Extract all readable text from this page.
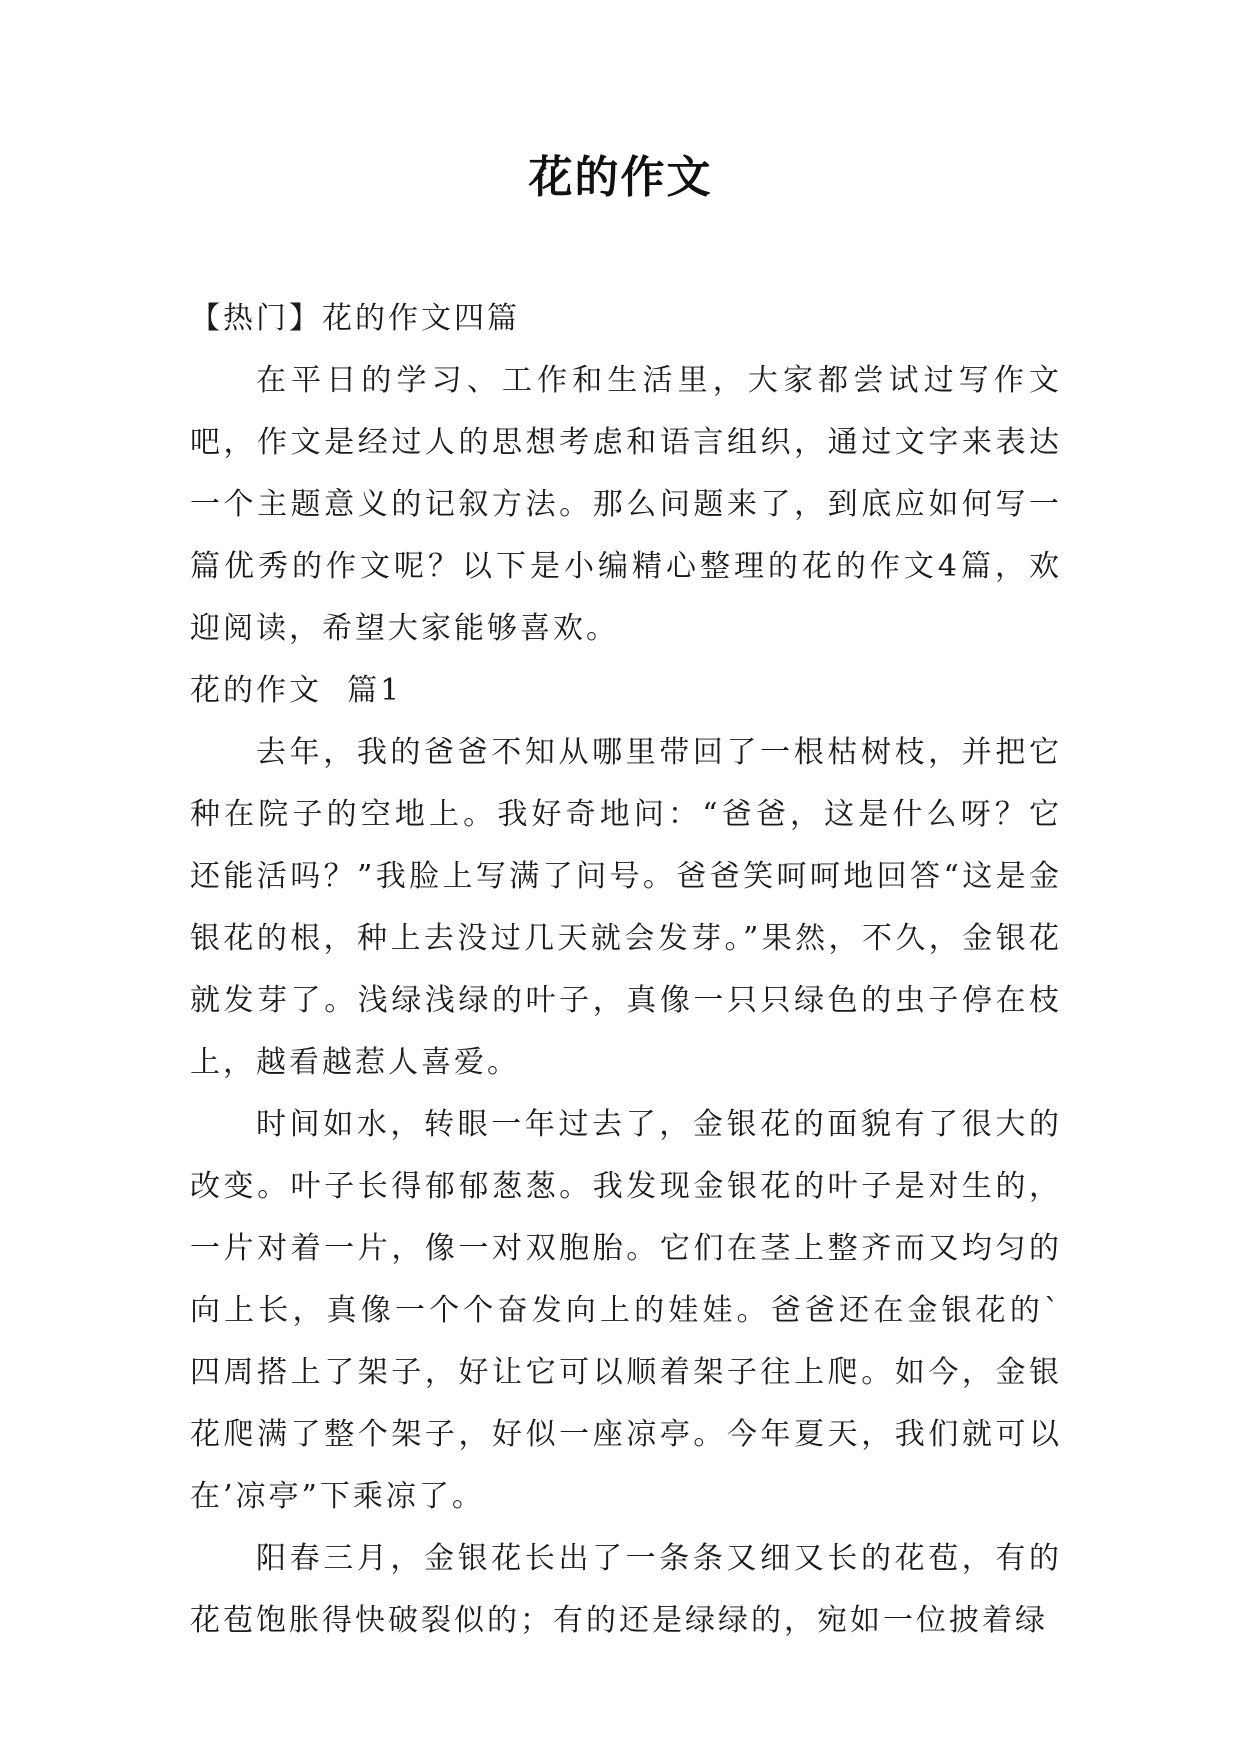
花的作文

【热门】花的作文四篇

在平日的学习、工作和生活里，大家都尝试过写作文吧，作文是经过人的思想考虑和语言组织，通过文字来表达一个主题意义的记叙方法。那么问题来了，到底应如何写一篇优秀的作文呢？以下是小编精心整理的花的作文4篇，欢迎阅读，希望大家能够喜欢。

花的作文  篇1

去年，我的爸爸不知从哪里带回了一根枯树枝，并把它种在院子的空地上。我好奇地问：“爸爸，这是什么呀？它还能活吗？”我脸上写满了问号。爸爸笑呵呵地回答“这是金银花的根，种上去没过几天就会发芽。”果然，不久，金银花就发芽了。浅绿浅绿的叶子，真像一只只绿色的虫子停在枝上，越看越惹人喜爱。

时间如水，转眼一年过去了，金银花的面貌有了很大的改变。叶子长得郁郁葱葱。我发现金银花的叶子是对生的，一片对着一片，像一对双胞胎。它们在茎上整齐而又均匀的向上长，真像一个个奋发向上的娃娃。爸爸还在金银花的`四周搭上了架子，好让它可以顺着架子往上爬。如今，金银花爬满了整个架子，好似一座凉亭。今年夏天，我们就可以在’凉亭”下乘凉了。

阳春三月，金银花长出了一条条又细又长的花苞，有的花苞饱胀得快破裂似的；有的还是绿绿的，宛如一位披着绿
